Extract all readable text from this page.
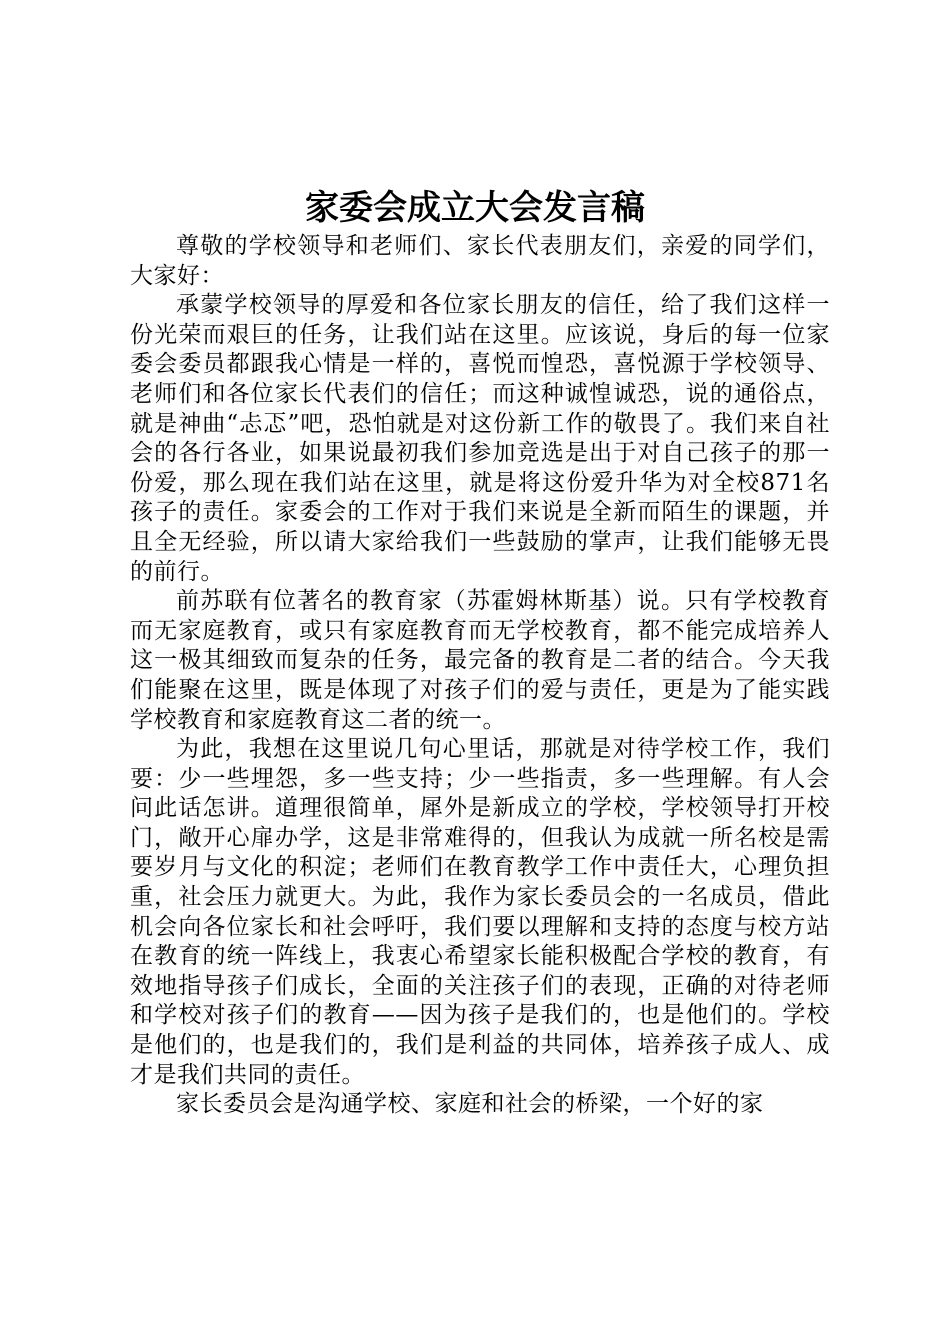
家委会成立大会发言稿

尊敬的学校领导和老师们、家长代表朋友们，亲爱的同学们，大家好：

承蒙学校领导的厚爱和各位家长朋友的信任，给了我们这样一份光荣而艰巨的任务，让我们站在这里。应该说，身后的每一位家委会委员都跟我心情是一样的，喜悦而惶恐，喜悦源于学校领导、老师们和各位家长代表们的信任；而这种诚惶诚恐，说的通俗点，就是神曲“忐忑”吧，恐怕就是对这份新工作的敬畏了。我们来自社会的各行各业，如果说最初我们参加竞选是出于对自己孩子的那一份爱，那么现在我们站在这里，就是将这份爱升华为对全校871名孩子的责任。家委会的工作对于我们来说是全新而陌生的课题，并且全无经验，所以请大家给我们一些鼓励的掌声，让我们能够无畏的前行。

前苏联有位著名的教育家（苏霍姆林斯基）说。只有学校教育而无家庭教育，或只有家庭教育而无学校教育，都不能完成培养人这一极其细致而复杂的任务，最完备的教育是二者的结合。今天我们能聚在这里，既是体现了对孩子们的爱与责任，更是为了能实践学校教育和家庭教育这二者的统一。

为此，我想在这里说几句心里话，那就是对待学校工作，我们要：少一些埋怨，多一些支持；少一些指责，多一些理解。有人会问此话怎讲。道理很简单，犀外是新成立的学校，学校领导打开校门，敞开心扉办学，这是非常难得的，但我认为成就一所名校是需要岁月与文化的积淀；老师们在教育教学工作中责任大，心理负担重，社会压力就更大。为此，我作为家长委员会的一名成员，借此机会向各位家长和社会呼吁，我们要以理解和支持的态度与校方站在教育的统一阵线上，我衷心希望家长能积极配合学校的教育，有效地指导孩子们成长，全面的关注孩子们的表现，正确的对待老师和学校对孩子们的教育——因为孩子是我们的，也是他们的。学校是他们的，也是我们的，我们是利益的共同体，培养孩子成人、成才是我们共同的责任。

家长委员会是沟通学校、家庭和社会的桥梁，一个好的家
